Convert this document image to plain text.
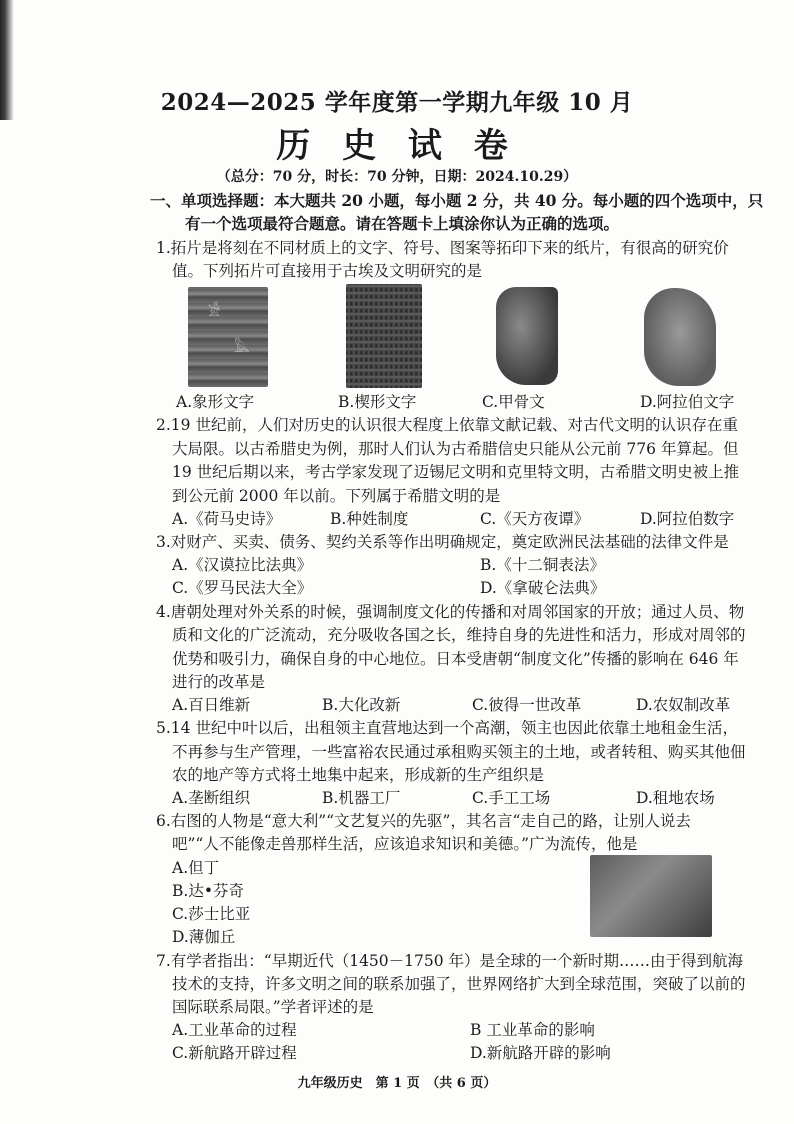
2024—2025 学年度第一学期九年级 10 月
历 史 试 卷
（总分：70 分，时长：70 分钟，日期：2024.10.29）
一、单项选择题：本大题共 20 小题，每小题 2 分，共 40 分。每小题的四个选项中，只
有一个选项最符合题意。请在答题卡上填涂你认为正确的选项。
1.拓片是将刻在不同材质上的文字、符号、图案等拓印下来的纸片，有很高的研究价
值。下列拓片可直接用于古埃及文明研究的是
𓀀
𓅓
A.象形文字	B.楔形文字	C.甲骨文	D.阿拉伯文字
2.19 世纪前，人们对历史的认识很大程度上依靠文献记载、对古代文明的认识存在重
大局限。以古希腊史为例，那时人们认为古希腊信史只能从公元前 776 年算起。但
19 世纪后期以来，考古学家发现了迈锡尼文明和克里特文明，古希腊文明史被上推
到公元前 2000 年以前。下列属于希腊文明的是
A.《荷马史诗》	B.种姓制度	C.《天方夜谭》	D.阿拉伯数字
3.对财产、买卖、债务、契约关系等作出明确规定，奠定欧洲民法基础的法律文件是
A.《汉谟拉比法典》	B.《十二铜表法》
C.《罗马民法大全》	D.《拿破仑法典》
4.唐朝处理对外关系的时候，强调制度文化的传播和对周邻国家的开放；通过人员、物
质和文化的广泛流动，充分吸收各国之长，维持自身的先进性和活力，形成对周邻的
优势和吸引力，确保自身的中心地位。日本受唐朝“制度文化”传播的影响在 646 年
进行的改革是
A.百日维新	B.大化改新	C.彼得一世改革	D.农奴制改革
5.14 世纪中叶以后，出租领主直营地达到一个高潮，领主也因此依靠土地租金生活，
不再参与生产管理，一些富裕农民通过承租购买领主的土地，或者转租、购买其他佃
农的地产等方式将土地集中起来，形成新的生产组织是
A.垄断组织	B.机器工厂	C.手工工场	D.租地农场
6.右图的人物是“意大利”“文艺复兴的先驱”，其名言“走自己的路，让别人说去
吧”“人不能像走兽那样生活，应该追求知识和美德。”广为流传，他是
A.但丁
B.达•芬奇
C.莎士比亚
D.薄伽丘
7.有学者指出：“早期近代（1450－1750 年）是全球的一个新时期……由于得到航海
技术的支持，许多文明之间的联系加强了，世界网络扩大到全球范围，突破了以前的
国际联系局限。”学者评述的是
A.工业革命的过程	B 工业革命的影响
C.新航路开辟过程	D.新航路开辟的影响
九年级历史　第 1 页　（共 6 页）
